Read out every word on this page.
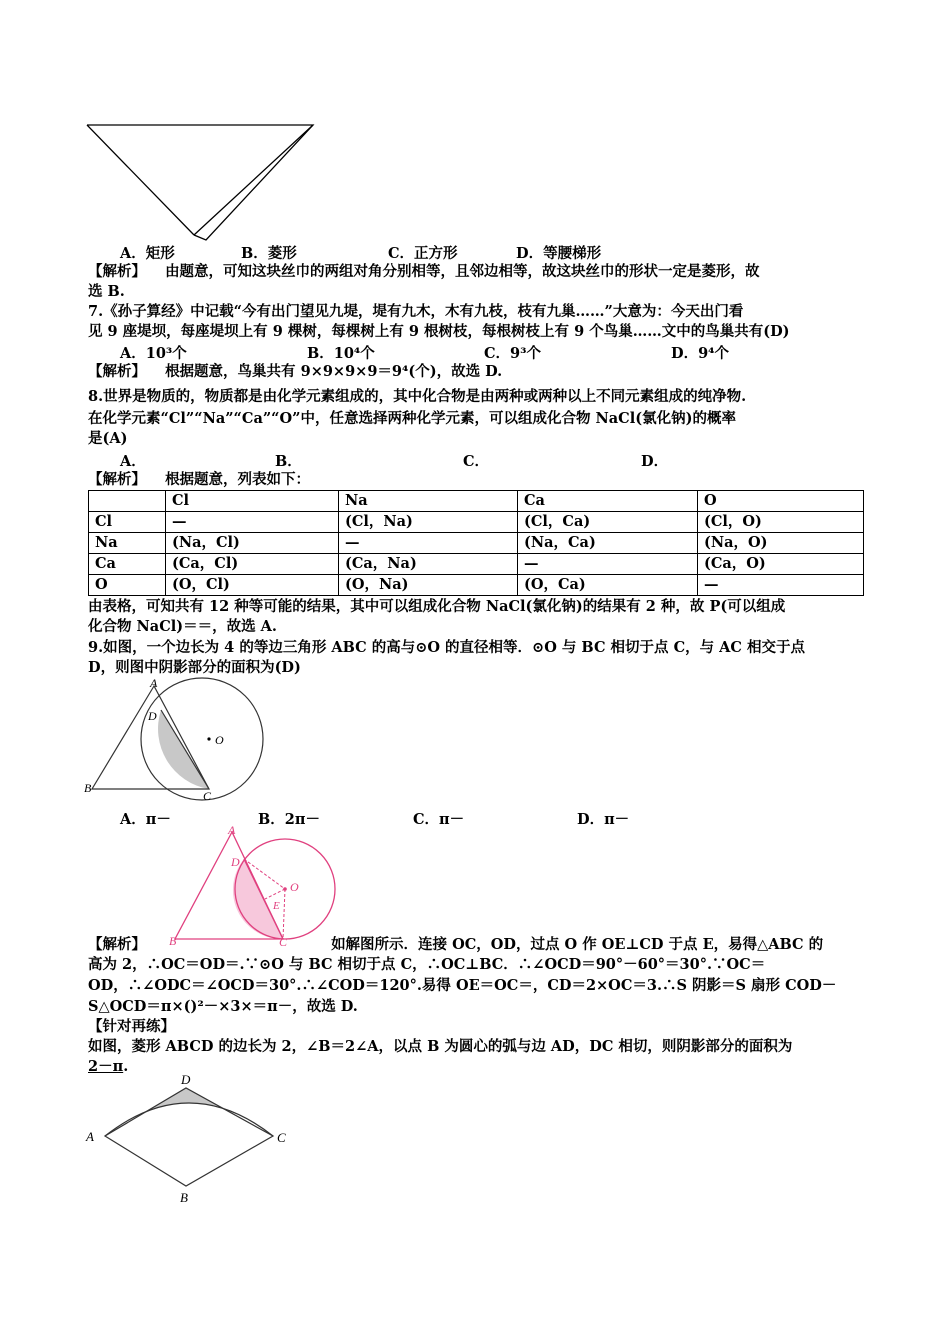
A．矩形	B．菱形	C．正方形	D．等腰梯形
【解析】 由题意，可知这块丝巾的两组对角分别相等，且邻边相等，故这块丝巾的形状一定是菱形，故
选 B.
7.《孙子算经》中记载“今有出门望见九堤，堤有九木，木有九枝，枝有九巢……”大意为：今天出门看
见 9 座堤坝，每座堤坝上有 9 棵树，每棵树上有 9 根树枝，每根树枝上有 9 个鸟巢……文中的鸟巢共有(D)
A．10³个	B．10⁴个	C．9³个	D．9⁴个
【解析】 根据题意，鸟巢共有 9×9×9×9＝9⁴(个)，故选 D.
8.世界是物质的，物质都是由化学元素组成的，其中化合物是由两种或两种以上不同元素组成的纯净物.
在化学元素“Cl”“Na”“Ca”“O”中，任意选择两种化学元素，可以组成化合物 NaCl(氯化钠)的概率
是(A)
A．	B．	C．	D．
【解析】 根据题意，列表如下：
	Cl	Na	Ca	O
Cl	—	(Cl，Na)	(Cl，Ca)	(Cl，O)
Na	(Na，Cl)	—	(Na，Ca)	(Na，O)
Ca	(Ca，Cl)	(Ca，Na)	—	(Ca，O)
O	(O，Cl)	(O，Na)	(O，Ca)	—
由表格，可知共有 12 种等可能的结果，其中可以组成化合物 NaCl(氯化钠)的结果有 2 种，故 P(可以组成
化合物 NaCl)＝＝，故选 A.
9.如图，一个边长为 4 的等边三角形 ABC 的高与⊙O 的直径相等．⊙O 与 BC 相切于点 C，与 AC 相交于点
D，则图中阴影部分的面积为(D)
A
D
O
B
C
A．π－	B．2π－	C．π－	D．π－
A
D
O
E
B	C
【解析】	如解图所示．连接 OC，OD，过点 O 作 OE⊥CD 于点 E，易得△ABC 的
高为 2，∴OC＝OD＝.∵⊙O 与 BC 相切于点 C，∴OC⊥BC．∴∠OCD＝90°－60°＝30°.∵OC＝
OD，∴∠ODC＝∠OCD＝30°.∴∠COD＝120°.易得 OE＝OC＝，CD＝2×OC＝3.∴S 阴影＝S 扇形 COD－
S△OCD＝π×()²－×3×＝π－，故选 D.
【针对再练】
如图，菱形 ABCD 的边长为 2，∠B＝2∠A，以点 B 为圆心的弧与边 AD，DC 相切，则阴影部分的面积为
2－π.
D
A	C
B
